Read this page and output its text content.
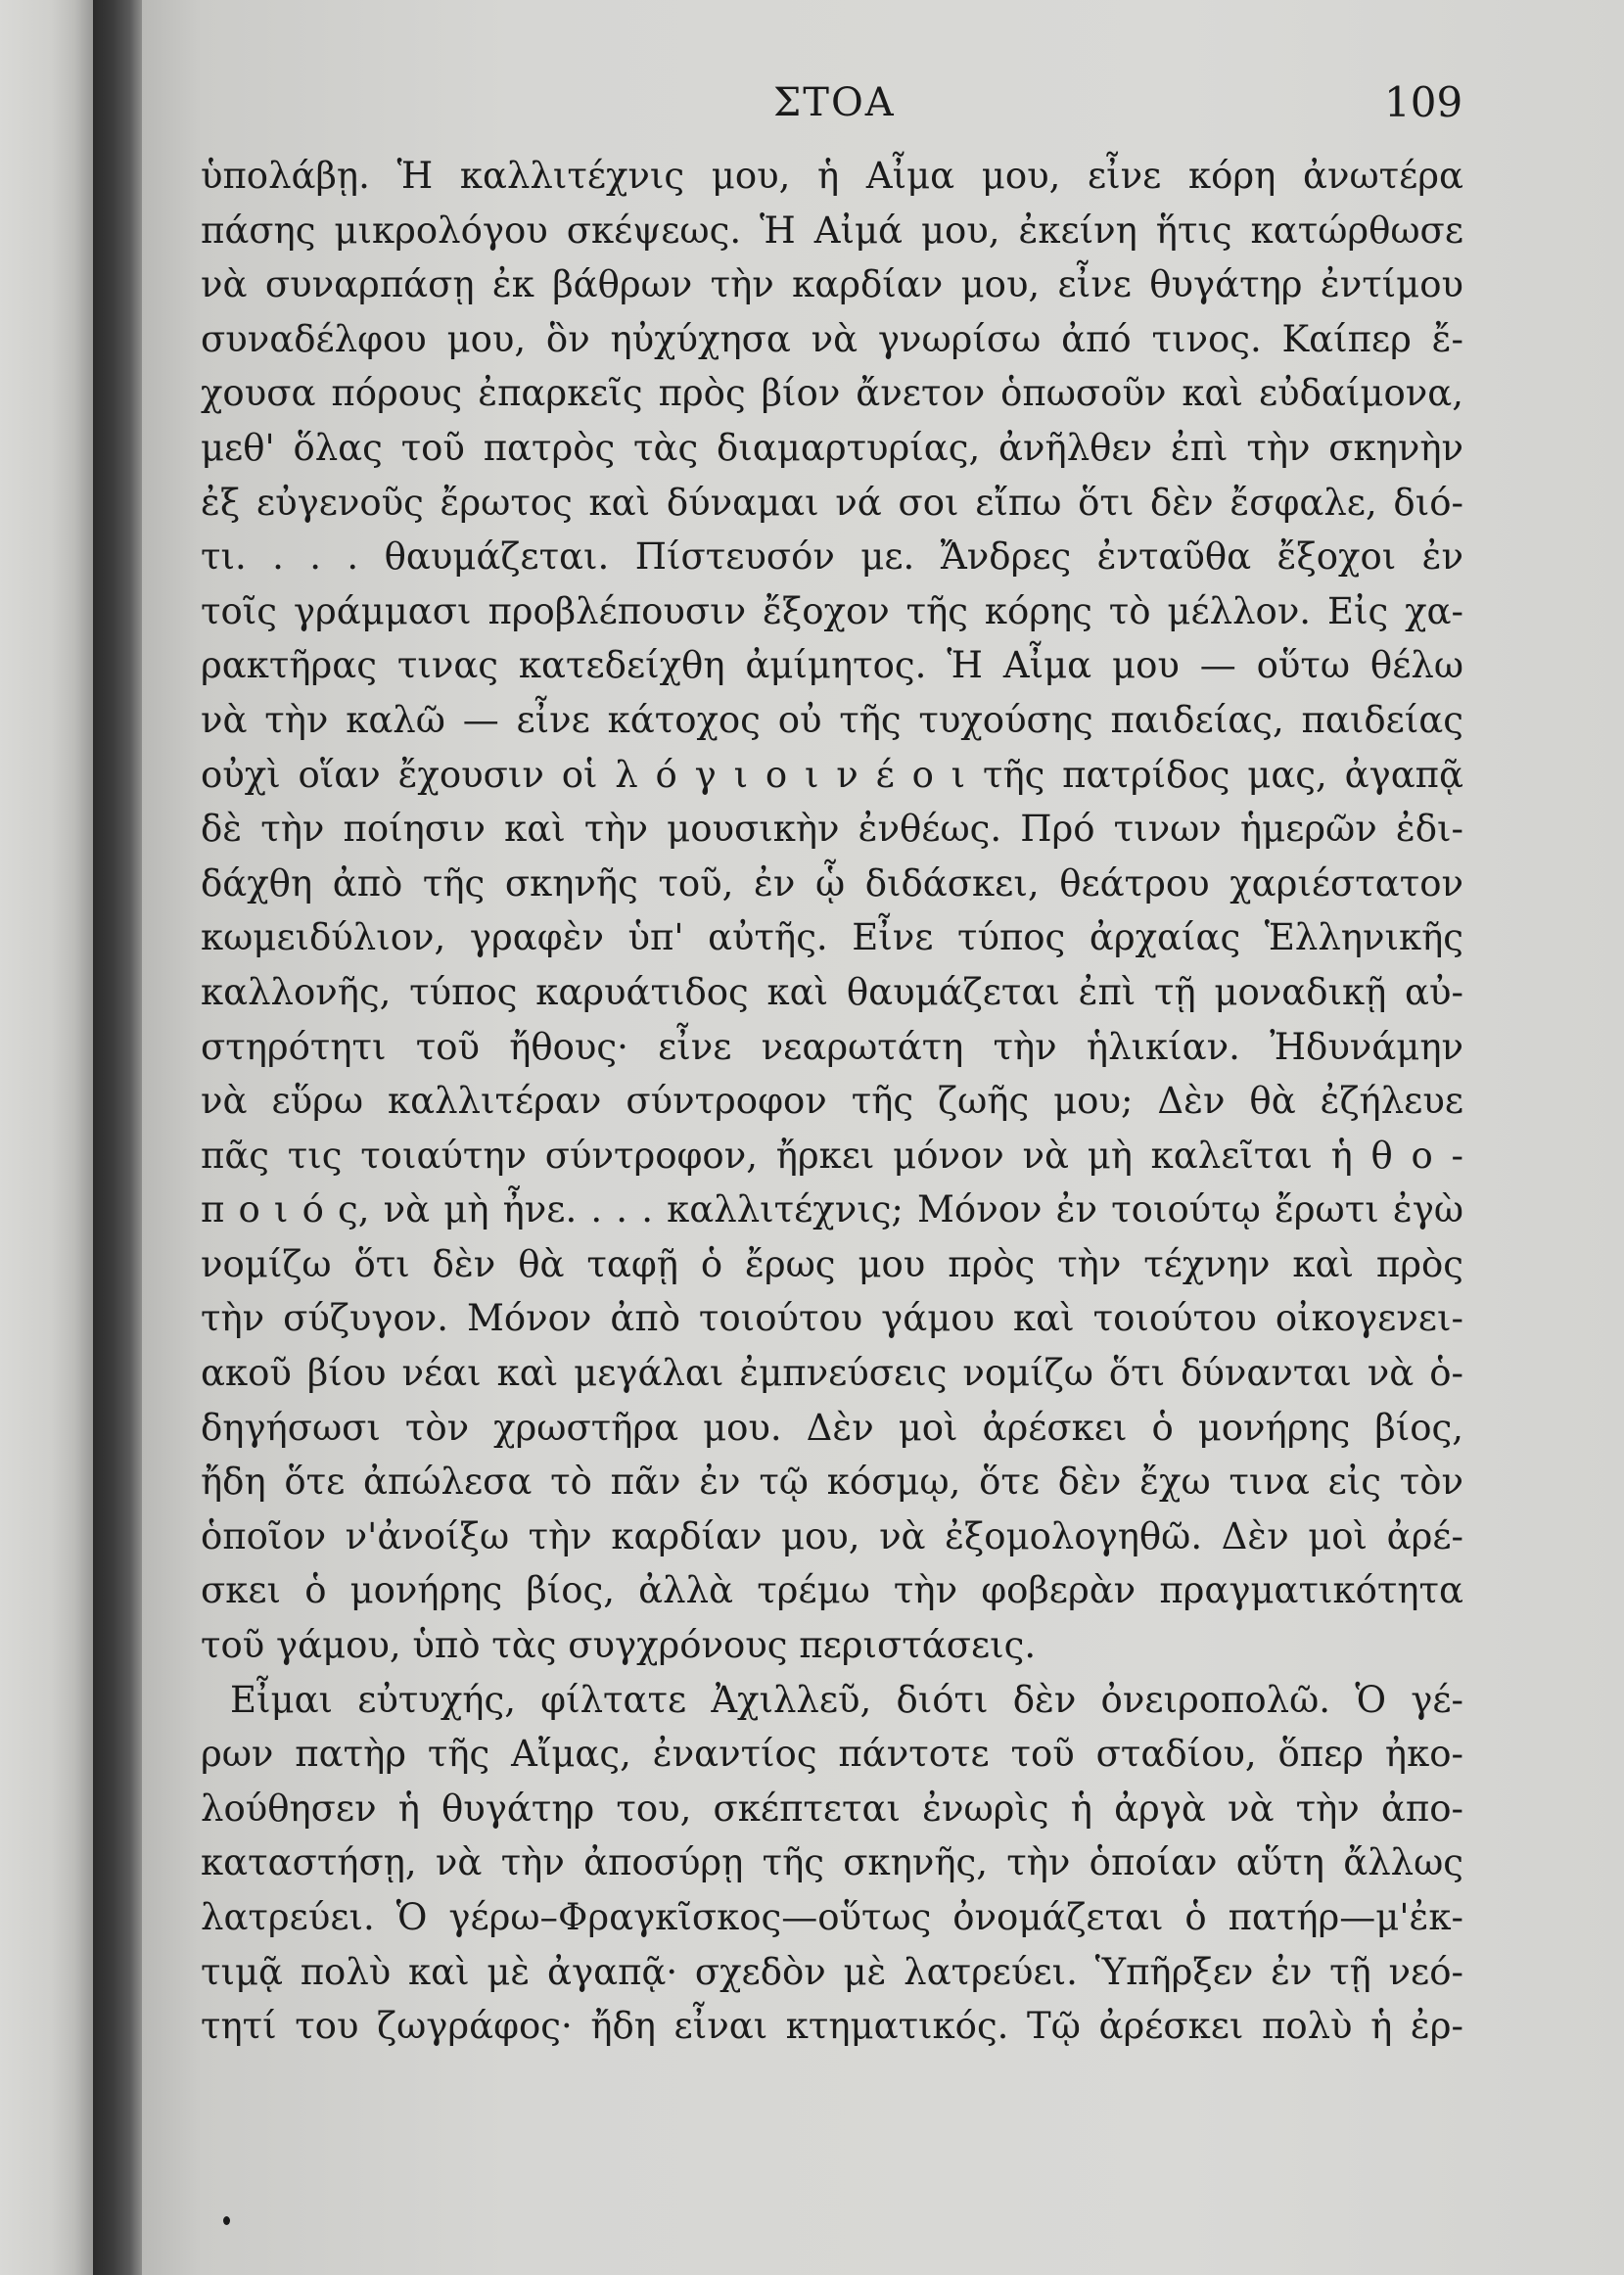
ΣΤΟΑ	109
ὑπολάβῃ. Ἡ καλλιτέχνις μου, ἡ Αἶμα μου, εἶνε κόρη ἀνωτέρα
πάσης μικρολόγου σκέψεως. Ἡ Αἰμά μου, ἐκείνη ἥτις κατώρθωσε
νὰ συναρπάσῃ ἐκ βάθρων τὴν καρδίαν μου, εἶνε θυγάτηρ ἐντίμου
συναδέλφου μου, ὃν ηὐχύχησα νὰ γνωρίσω ἀπό τινος. Καίπερ ἔ-
χουσα πόρους ἐπαρκεῖς πρὸς βίον ἄνετον ὁπωσοῦν καὶ εὐδαίμονα,
μεθ' ὅλας τοῦ πατρὸς τὰς διαμαρτυρίας, ἀνῆλθεν ἐπὶ τὴν σκηνὴν
ἐξ εὐγενοῦς ἔρωτος καὶ δύναμαι νά σοι εἴπω ὅτι δὲν ἔσφαλε, διό-
τι. . . . θαυμάζεται. Πίστευσόν με. Ἄνδρες ἐνταῦθα ἔξοχοι ἐν
τοῖς γράμμασι προβλέπουσιν ἔξοχον τῆς κόρης τὸ μέλλον. Εἰς χα-
ρακτῆρας τινας κατεδείχθη ἀμίμητος. Ἡ Αἶμα μου — οὕτω θέλω
νὰ τὴν καλῶ — εἶνε κάτοχος οὐ τῆς τυχούσης παιδείας, παιδείας
οὐχὶ οἵαν ἔχουσιν οἱ λ ό γ ι ο ι ν έ ο ι τῆς πατρίδος μας, ἀγαπᾷ
δὲ τὴν ποίησιν καὶ τὴν μουσικὴν ἐνθέως. Πρό τινων ἡμερῶν ἐδι-
δάχθη ἀπὸ τῆς σκηνῆς τοῦ, ἐν ᾧ διδάσκει, θεάτρου χαριέστατον
κωμειδύλιον, γραφὲν ὑπ' αὐτῆς. Εἶνε τύπος ἀρχαίας Ἑλληνικῆς
καλλονῆς, τύπος καρυάτιδος καὶ θαυμάζεται ἐπὶ τῇ μοναδικῇ αὐ-
στηρότητι τοῦ ἤθους· εἶνε νεαρωτάτη τὴν ἡλικίαν. Ἠδυνάμην
νὰ εὕρω καλλιτέραν σύντροφον τῆς ζωῆς μου; Δὲν θὰ ἐζήλευε
πᾶς τις τοιαύτην σύντροφον, ἤρκει μόνον νὰ μὴ καλεῖται ἡ θ ο -
π ο ι ό ς, νὰ μὴ ἦνε. . . . καλλιτέχνις; Μόνον ἐν τοιούτῳ ἔρωτι ἐγὼ
νομίζω ὅτι δὲν θὰ ταφῇ ὁ ἔρως μου πρὸς τὴν τέχνην καὶ πρὸς
τὴν σύζυγον. Μόνον ἀπὸ τοιούτου γάμου καὶ τοιούτου οἰκογενει-
ακοῦ βίου νέαι καὶ μεγάλαι ἐμπνεύσεις νομίζω ὅτι δύνανται νὰ ὁ-
δηγήσωσι τὸν χρωστῆρα μου. Δὲν μοὶ ἀρέσκει ὁ μονήρης βίος,
ἤδη ὅτε ἀπώλεσα τὸ πᾶν ἐν τῷ κόσμῳ, ὅτε δὲν ἔχω τινα εἰς τὸν
ὁποῖον ν'ἀνοίξω τὴν καρδίαν μου, νὰ ἐξομολογηθῶ. Δὲν μοὶ ἀρέ-
σκει ὁ μονήρης βίος, ἀλλὰ τρέμω τὴν φοβερὰν πραγματικότητα
τοῦ γάμου, ὑπὸ τὰς συγχρόνους περιστάσεις.
Εἶμαι εὐτυχής, φίλτατε Ἀχιλλεῦ, διότι δὲν ὀνειροπολῶ. Ὁ γέ-
ρων πατὴρ τῆς Αἴμας, ἐναντίος πάντοτε τοῦ σταδίου, ὅπερ ἠκο-
λούθησεν ἡ θυγάτηρ του, σκέπτεται ἐνωρὶς ἡ ἀργὰ νὰ τὴν ἀπο-
καταστήσῃ, νὰ τὴν ἀποσύρῃ τῆς σκηνῆς, τὴν ὁποίαν αὕτη ἄλλως
λατρεύει. Ὁ γέρω–Φραγκῖσκος—οὕτως ὀνομάζεται ὁ πατήρ—μ'ἐκ-
τιμᾷ πολὺ καὶ μὲ ἀγαπᾷ· σχεδὸν μὲ λατρεύει. Ὑπῆρξεν ἐν τῇ νεό-
τητί του ζωγράφος· ἤδη εἶναι κτηματικός. Τῷ ἀρέσκει πολὺ ἡ ἐρ-
